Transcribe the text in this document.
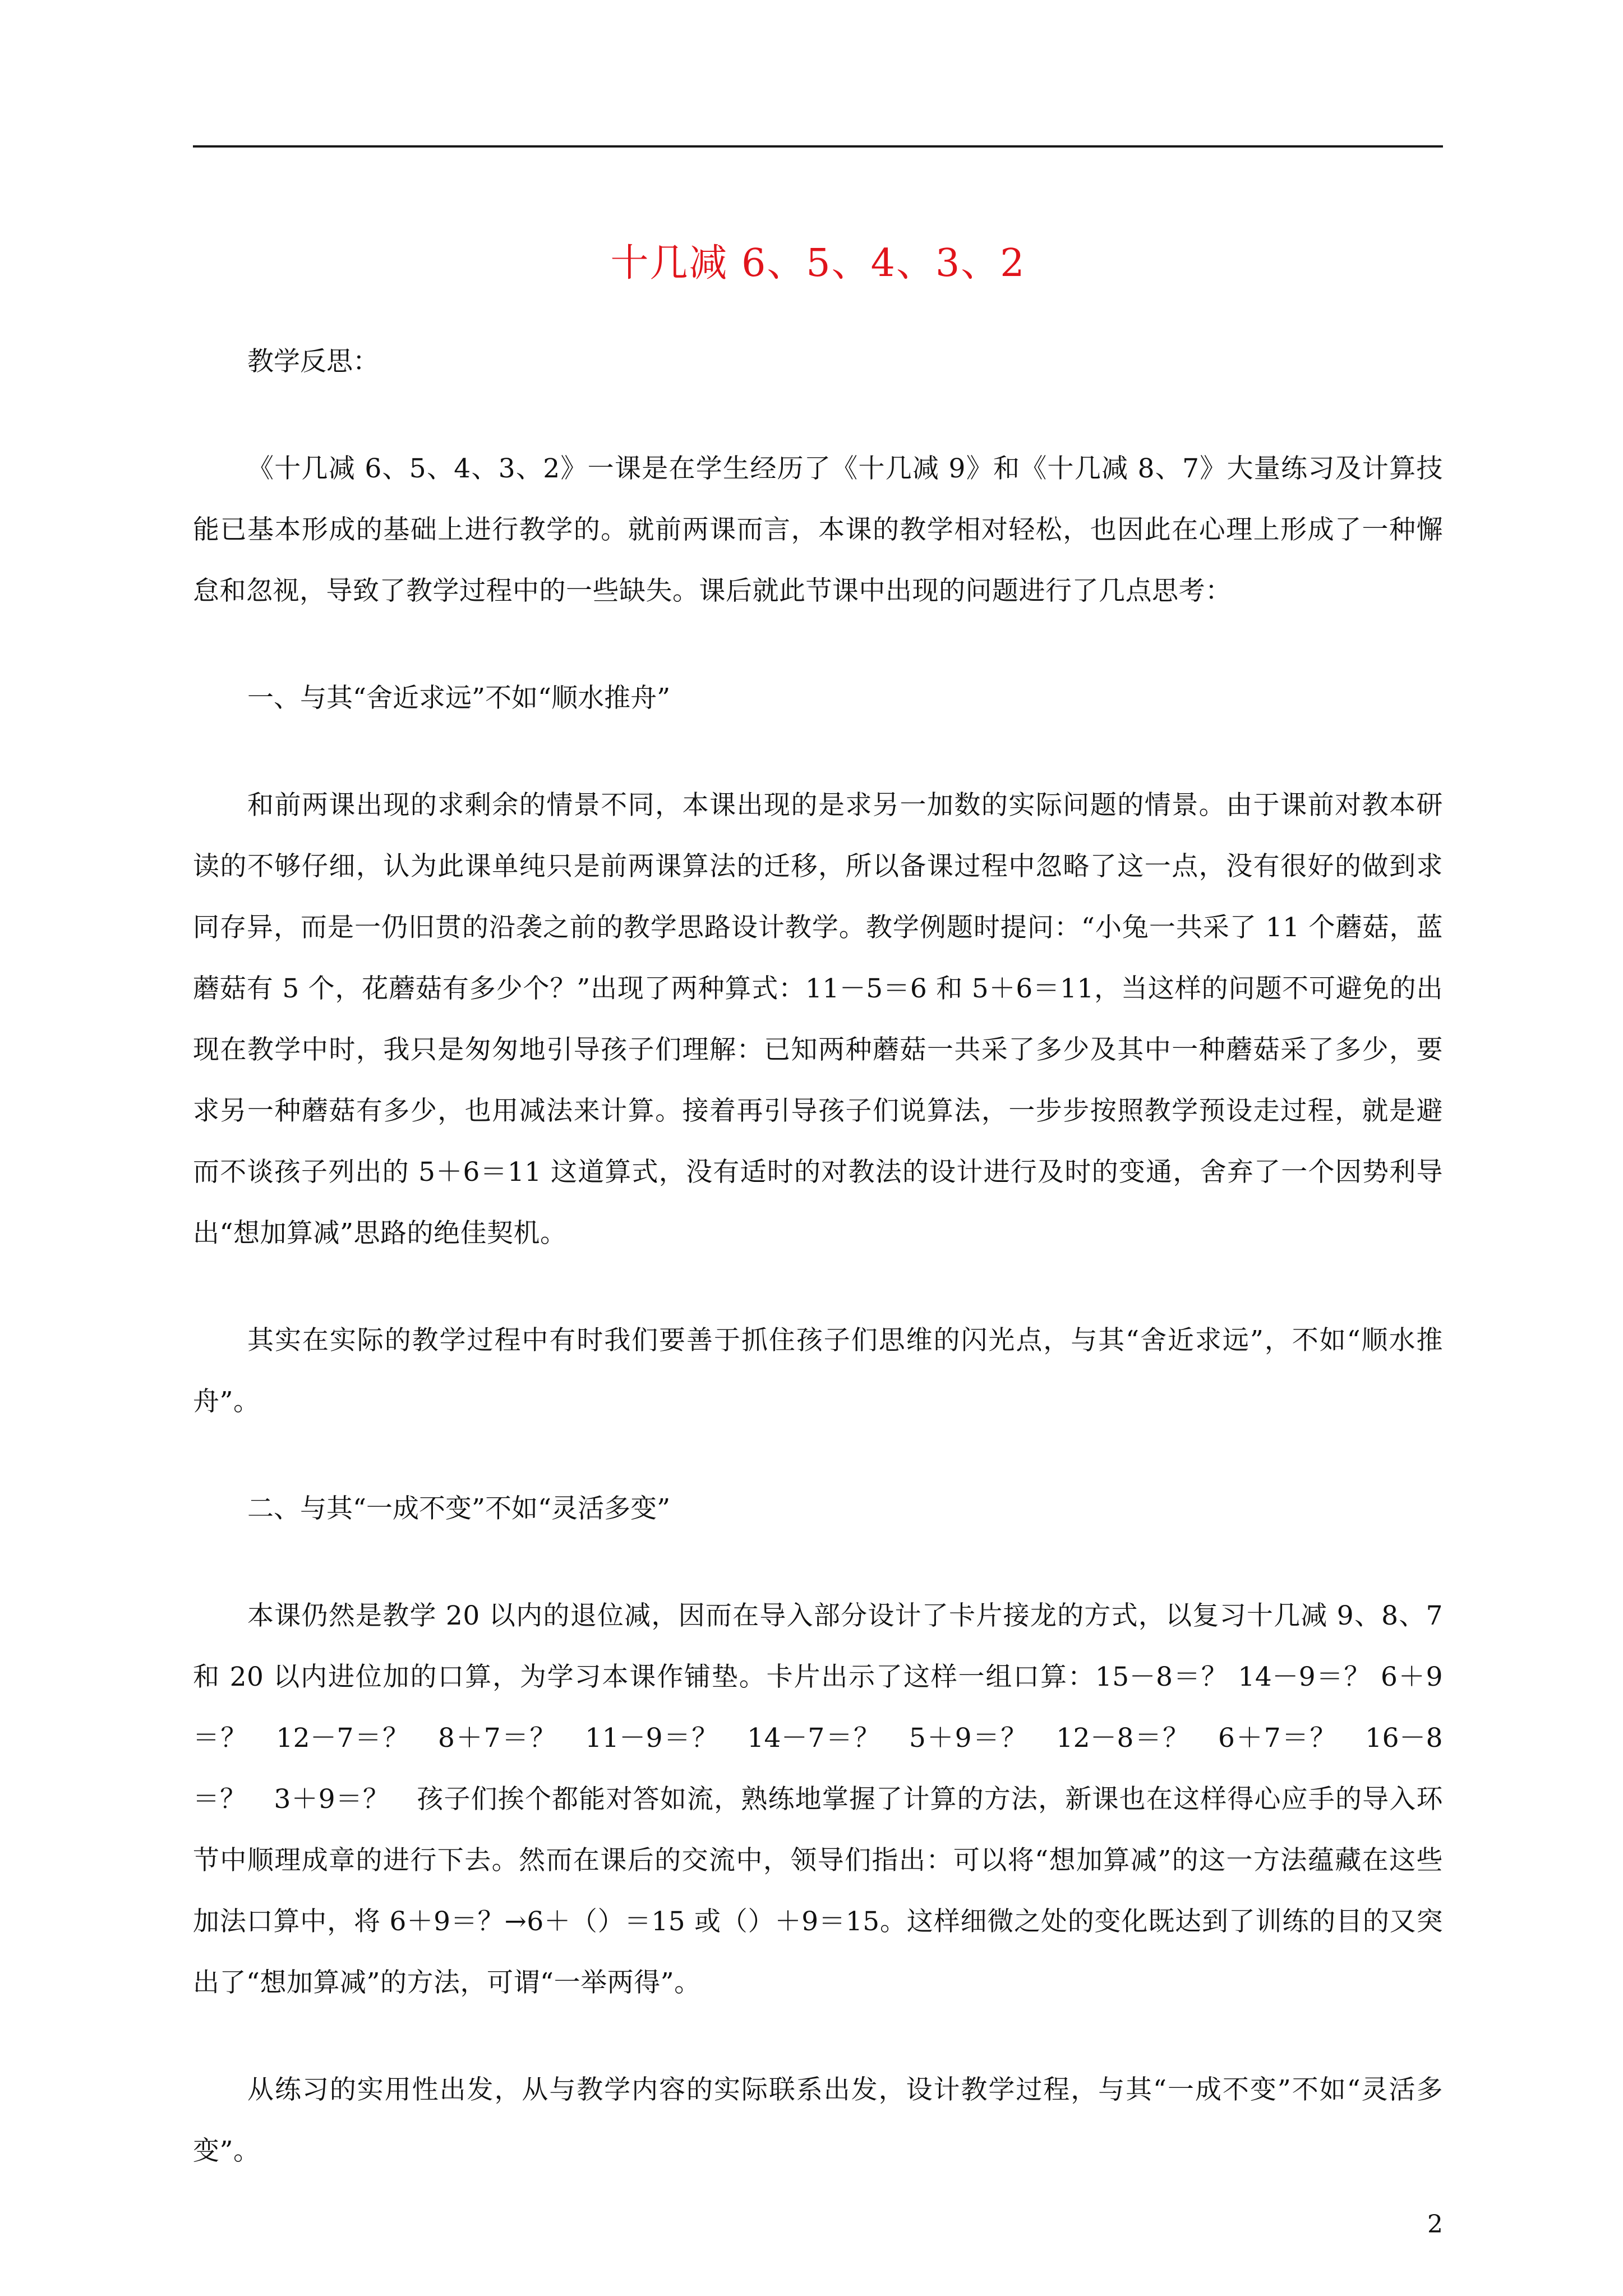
十几减 6、5、4、3、2

教学反思：

《十几减 6、5、4、3、2》一课是在学生经历了《十几减 9》和《十几减 8、7》大量练习及计算技能已基本形成的基础上进行教学的。就前两课而言，本课的教学相对轻松，也因此在心理上形成了一种懈怠和忽视，导致了教学过程中的一些缺失。课后就此节课中出现的问题进行了几点思考：

一、与其“舍近求远”不如“顺水推舟”

和前两课出现的求剩余的情景不同，本课出现的是求另一加数的实际问题的情景。由于课前对教本研读的不够仔细，认为此课单纯只是前两课算法的迁移，所以备课过程中忽略了这一点，没有很好的做到求同存异，而是一仍旧贯的沿袭之前的教学思路设计教学。教学例题时提问：“小兔一共采了 11 个蘑菇，蓝蘑菇有 5 个，花蘑菇有多少个？”出现了两种算式：11－5＝6 和 5＋6＝11，当这样的问题不可避免的出现在教学中时，我只是匆匆地引导孩子们理解：已知两种蘑菇一共采了多少及其中一种蘑菇采了多少，要求另一种蘑菇有多少，也用减法来计算。接着再引导孩子们说算法，一步步按照教学预设走过程，就是避而不谈孩子列出的 5＋6＝11 这道算式，没有适时的对教法的设计进行及时的变通，舍弃了一个因势利导出“想加算减”思路的绝佳契机。

其实在实际的教学过程中有时我们要善于抓住孩子们思维的闪光点，与其“舍近求远”，不如“顺水推舟”。

二、与其“一成不变”不如“灵活多变”

本课仍然是教学 20 以内的退位减，因而在导入部分设计了卡片接龙的方式，以复习十几减 9、8、7 和 20 以内进位加的口算，为学习本课作铺垫。卡片出示了这样一组口算：15－8＝？ 14－9＝？ 6＋9＝？　12－7＝？　8＋7＝？　11－9＝？　14－7＝？　5＋9＝？　12－8＝？　6＋7＝？　16－8＝？　3＋9＝？　孩子们挨个都能对答如流，熟练地掌握了计算的方法，新课也在这样得心应手的导入环节中顺理成章的进行下去。然而在课后的交流中，领导们指出：可以将“想加算减”的这一方法蕴藏在这些加法口算中，将 6＋9＝？→6＋（）＝15 或（）＋9＝15。这样细微之处的变化既达到了训练的目的又突出了“想加算减”的方法，可谓“一举两得”。

从练习的实用性出发，从与教学内容的实际联系出发，设计教学过程，与其“一成不变”不如“灵活多变”。

2
